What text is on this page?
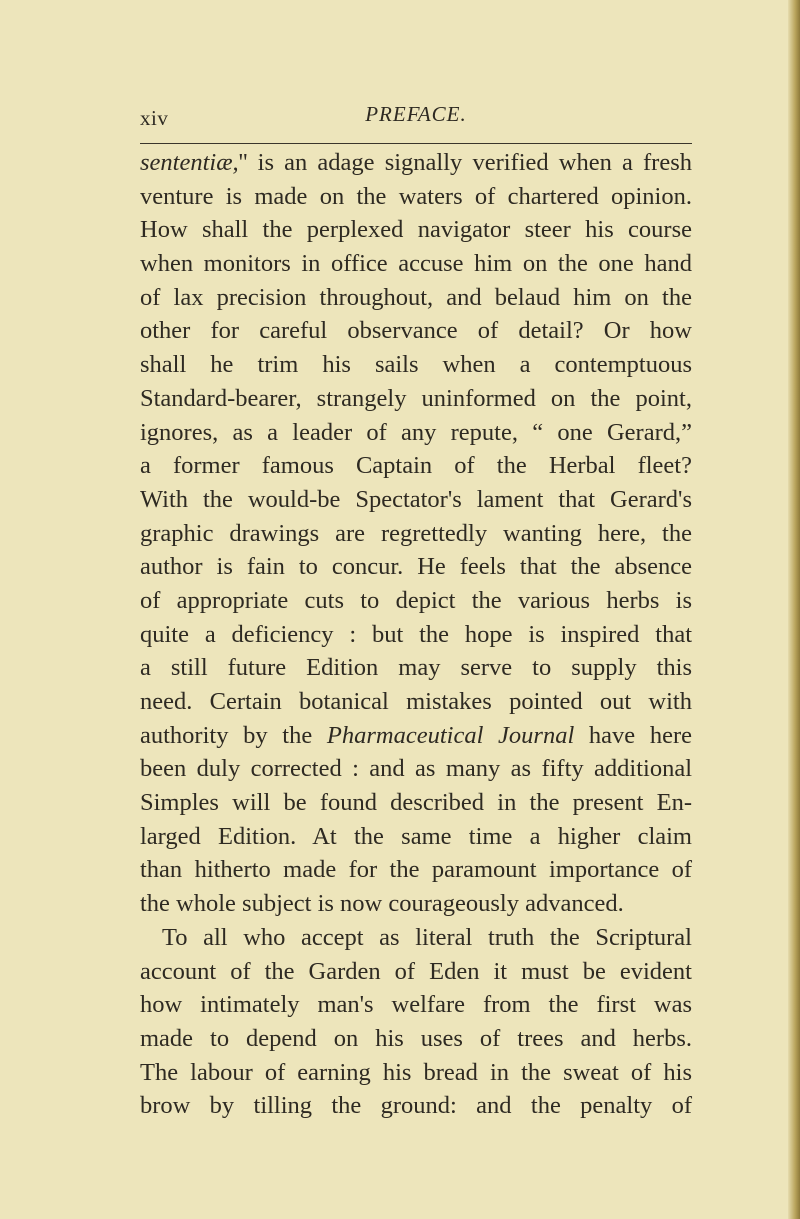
xiv	PREFACE.
sententiæ,'' is an adage signally verified when a fresh
venture is made on the waters of chartered opinion.
How shall the perplexed navigator steer his course
when monitors in office accuse him on the one hand
of lax precision throughout, and belaud him on the
other for careful observance of detail? Or how
shall he trim his sails when a contemptuous
Standard-bearer, strangely uninformed on the point,
ignores, as a leader of any repute, “ one Gerard,”
a former famous Captain of the Herbal fleet?
With the would-be Spectator's lament that Gerard's
graphic drawings are regrettedly wanting here, the
author is fain to concur. He feels that the absence
of appropriate cuts to depict the various herbs is
quite a deficiency : but the hope is inspired that
a still future Edition may serve to supply this
need. Certain botanical mistakes pointed out with
authority by the Pharmaceutical Journal have here
been duly corrected : and as many as fifty additional
Simples will be found described in the present En-
larged Edition. At the same time a higher claim
than hitherto made for the paramount importance of
the whole subject is now courageously advanced.
To all who accept as literal truth the Scriptural
account of the Garden of Eden it must be evident
how intimately man's welfare from the first was
made to depend on his uses of trees and herbs.
The labour of earning his bread in the sweat of his
brow by tilling the ground: and the penalty of
